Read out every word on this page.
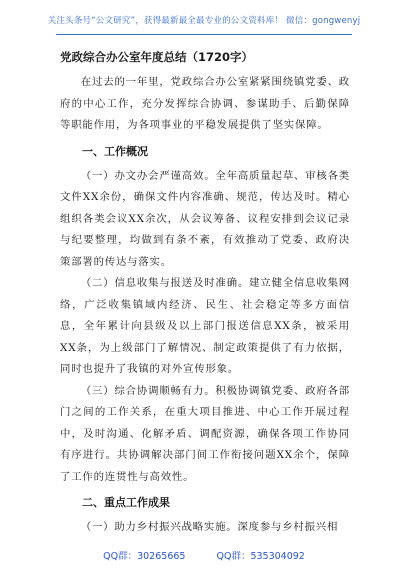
关注头条号“公文研究”，获得最新最全最专业的公文资料库！ 微信：gongwenyj
党政综合办公室年度总结（1720字）

在过去的一年里，党政综合办公室紧紧围绕镇党委、政府的中心工作，充分发挥综合协调、参谋助手、后勤保障等职能作用，为各项事业的平稳发展提供了坚实保障。

一、工作概况

（一）办文办会严谨高效。全年高质量起草、审核各类文件XX余份，确保文件内容准确、规范，传达及时。精心组织各类会议XX余次，从会议筹备、议程安排到会议记录与纪要整理，均做到有条不紊，有效推动了党委、政府决策部署的传达与落实。

（二）信息收集与报送及时准确。建立健全信息收集网络，广泛收集镇域内经济、民生、社会稳定等多方面信息，全年累计向县级及以上部门报送信息XX条，被采用XX条，为上级部门了解情况、制定政策提供了有力依据，同时也提升了我镇的对外宣传形象。

（三）综合协调顺畅有力。积极协调镇党委、政府各部门之间的工作关系，在重大项目推进、中心工作开展过程中，及时沟通、化解矛盾、调配资源，确保各项工作协同有序进行。共协调解决部门间工作衔接问题XX余个，保障了工作的连贯性与高效性。

二、重点工作成果

（一）助力乡村振兴战略实施。深度参与乡村振兴相

QQ群：30265665	QQ群：535304092
